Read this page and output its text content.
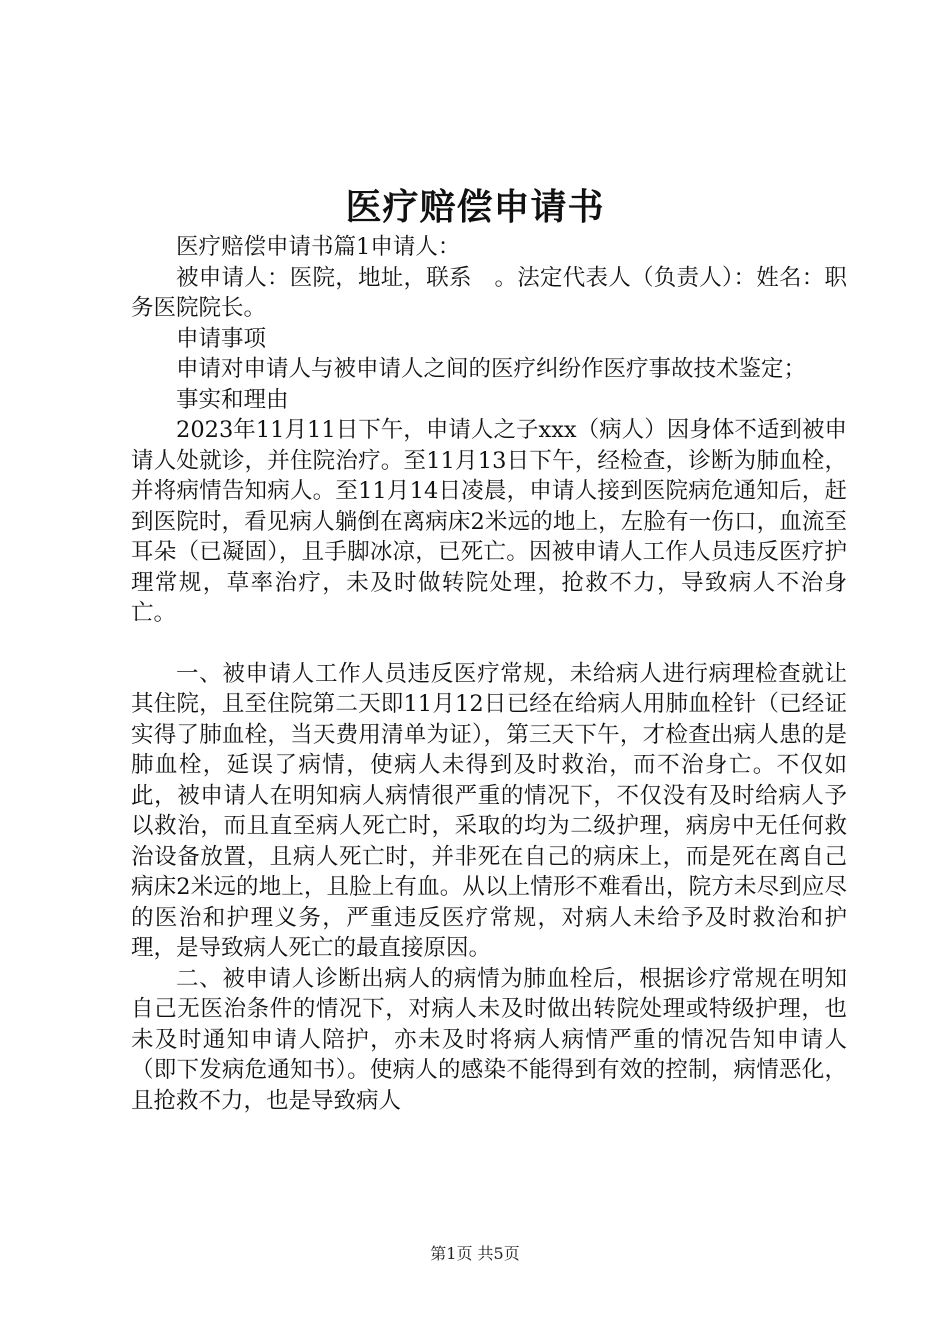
医疗赔偿申请书

医疗赔偿申请书篇1申请人：

被申请人：医院，地址，联系　。法定代表人（负责人）：姓名：职务医院院长。

申请事项

申请对申请人与被申请人之间的医疗纠纷作医疗事故技术鉴定；

事实和理由

2023年11月11日下午，申请人之子xxx（病人）因身体不适到被申请人处就诊，并住院治疗。至11月13日下午，经检查，诊断为肺血栓，并将病情告知病人。至11月14日凌晨，申请人接到医院病危通知后，赶到医院时，看见病人躺倒在离病床2米远的地上，左脸有一伤口，血流至耳朵（已凝固），且手脚冰凉，已死亡。因被申请人工作人员违反医疗护理常规，草率治疗，未及时做转院处理，抢救不力，导致病人不治身亡。

一、被申请人工作人员违反医疗常规，未给病人进行病理检查就让其住院，且至住院第二天即11月12日已经在给病人用肺血栓针（已经证实得了肺血栓，当天费用清单为证），第三天下午，才检查出病人患的是肺血栓，延误了病情，使病人未得到及时救治，而不治身亡。不仅如此，被申请人在明知病人病情很严重的情况下，不仅没有及时给病人予以救治，而且直至病人死亡时，采取的均为二级护理，病房中无任何救治设备放置，且病人死亡时，并非死在自己的病床上，而是死在离自己病床2米远的地上，且脸上有血。从以上情形不难看出，院方未尽到应尽的医治和护理义务，严重违反医疗常规，对病人未给予及时救治和护理，是导致病人死亡的最直接原因。

二、被申请人诊断出病人的病情为肺血栓后，根据诊疗常规在明知自己无医治条件的情况下，对病人未及时做出转院处理或特级护理，也未及时通知申请人陪护，亦未及时将病人病情严重的情况告知申请人（即下发病危通知书）。使病人的感染不能得到有效的控制，病情恶化，且抢救不力，也是导致病人

第1页 共5页
